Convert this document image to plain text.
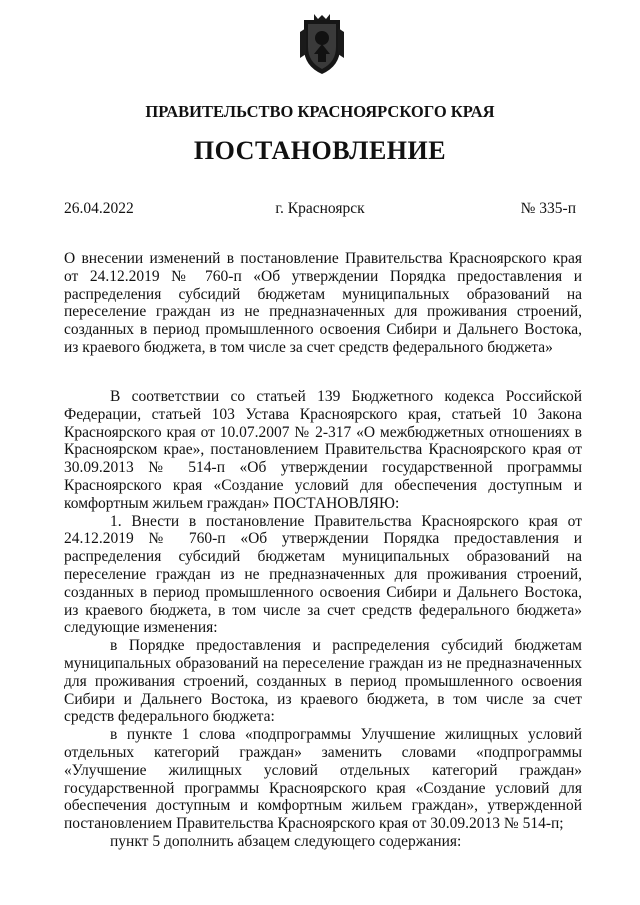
ПРАВИТЕЛЬСТВО КРАСНОЯРСКОГО КРАЯ
ПОСТАНОВЛЕНИЕ
26.04.2022	г. Красноярск	№ 335-п

О внесении изменений в постановление Правительства Красноярского края от 24.12.2019 № 760-п «Об утверждении Порядка предоставления и распределения субсидий бюджетам муниципальных образований на переселение граждан из не предназначенных для проживания строений, созданных в период промышленного освоения Сибири и Дальнего Востока, из краевого бюджета, в том числе за счет средств федерального бюджета»

В соответствии со статьей 139 Бюджетного кодекса Российской Федерации, статьей 103 Устава Красноярского края, статьей 10 Закона Красноярского края от 10.07.2007 № 2-317 «О межбюджетных отношениях в Красноярском крае», постановлением Правительства Красноярского края от 30.09.2013 № 514-п «Об утверждении государственной программы Красноярского края «Создание условий для обеспечения доступным и комфортным жильем граждан» ПОСТАНОВЛЯЮ:

1. Внести в постановление Правительства Красноярского края от 24.12.2019 № 760-п «Об утверждении Порядка предоставления и распределения субсидий бюджетам муниципальных образований на переселение граждан из не предназначенных для проживания строений, созданных в период промышленного освоения Сибири и Дальнего Востока, из краевого бюджета, в том числе за счет средств федерального бюджета» следующие изменения:

в Порядке предоставления и распределения субсидий бюджетам муниципальных образований на переселение граждан из не предназначенных для проживания строений, созданных в период промышленного освоения Сибири и Дальнего Востока, из краевого бюджета, в том числе за счет средств федерального бюджета:

в пункте 1 слова «подпрограммы Улучшение жилищных условий отдельных категорий граждан» заменить словами «подпрограммы «Улучшение жилищных условий отдельных категорий граждан» государственной программы Красноярского края «Создание условий для обеспечения доступным и комфортным жильем граждан», утвержденной постановлением Правительства Красноярского края от 30.09.2013 № 514-п;

пункт 5 дополнить абзацем следующего содержания:
